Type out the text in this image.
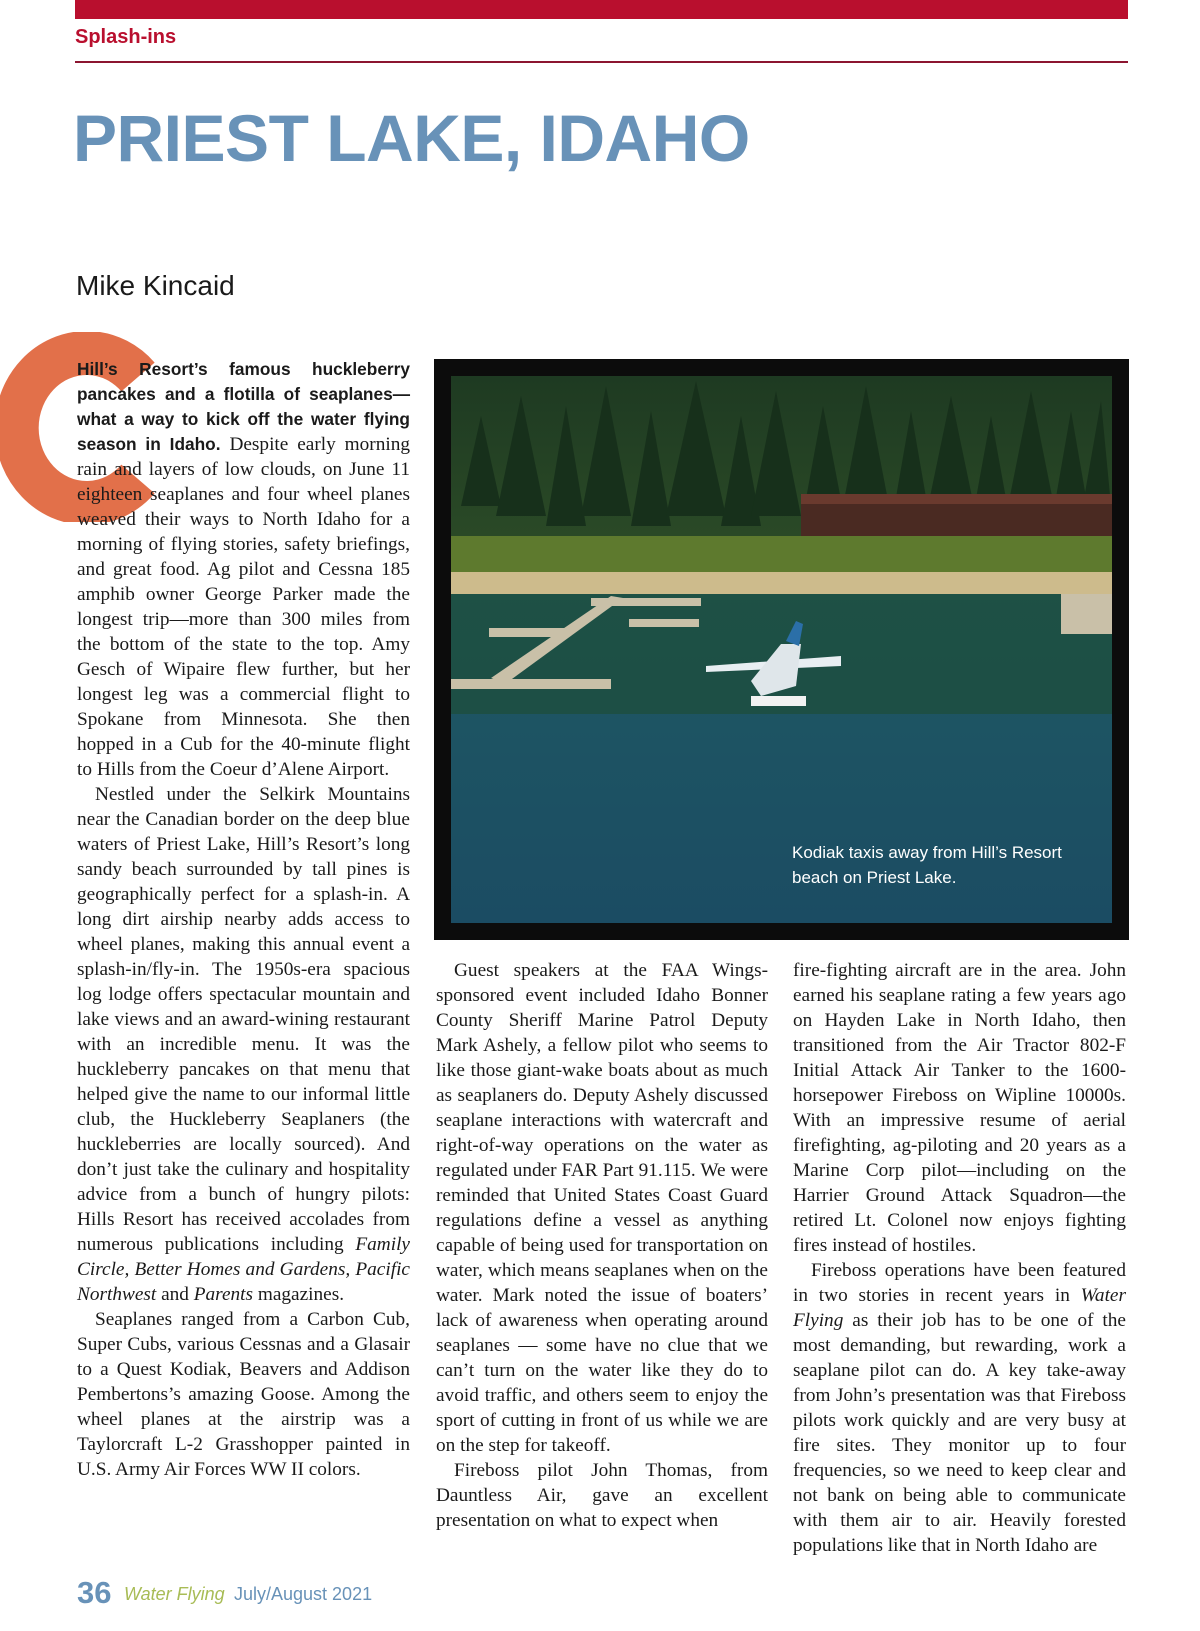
Splash-ins
PRIEST LAKE, IDAHO
Mike Kincaid

Hill’s Resort’s famous huckleberry pancakes and a flotilla of seaplanes—what a way to kick off the water flying season in Idaho. Despite early morning rain and layers of low clouds, on June 11 eighteen seaplanes and four wheel planes weaved their ways to North Idaho for a morning of flying stories, safety briefings, and great food. Ag pilot and Cessna 185 amphib owner George Parker made the longest trip—more than 300 miles from the bottom of the state to the top. Amy Gesch of Wipaire flew further, but her longest leg was a commercial flight to Spokane from Minnesota. She then hopped in a Cub for the 40-minute flight to Hills from the Coeur d’Alene Airport.

Nestled under the Selkirk Mountains near the Canadian border on the deep blue waters of Priest Lake, Hill’s Resort’s long sandy beach surrounded by tall pines is geographically perfect for a splash-in. A long dirt airship nearby adds access to wheel planes, making this annual event a splash-in/fly-in. The 1950s-era spacious log lodge offers spectacular mountain and lake views and an award-wining restaurant with an incredible menu. It was the huckleberry pancakes on that menu that helped give the name to our informal little club, the Huckleberry Seaplaners (the huckleberries are locally sourced). And don’t just take the culinary and hospitality advice from a bunch of hungry pilots: Hills Resort has received accolades from numerous publications including Family Circle, Better Homes and Gardens, Pacific Northwest and Parents magazines.

Seaplanes ranged from a Carbon Cub, Super Cubs, various Cessnas and a Glasair to a Quest Kodiak, Beavers and Addison Pembertons’s amazing Goose. Among the wheel planes at the airstrip was a Taylorcraft L-2 Grasshopper painted in U.S. Army Air Forces WW II colors.

Kodiak taxis away from Hill’s Resort beach on Priest Lake.

Guest speakers at the FAA Wings-sponsored event included Idaho Bonner County Sheriff Marine Patrol Deputy Mark Ashely, a fellow pilot who seems to like those giant-wake boats about as much as seaplaners do. Deputy Ashely discussed seaplane interactions with watercraft and right-of-way operations on the water as regulated under FAR Part 91.115. We were reminded that United States Coast Guard regulations define a vessel as anything capable of being used for transportation on water, which means seaplanes when on the water. Mark noted the issue of boaters’ lack of awareness when operating around seaplanes — some have no clue that we can’t turn on the water like they do to avoid traffic, and others seem to enjoy the sport of cutting in front of us while we are on the step for takeoff.

Fireboss pilot John Thomas, from Dauntless Air, gave an excellent presentation on what to expect when

fire-fighting aircraft are in the area. John earned his seaplane rating a few years ago on Hayden Lake in North Idaho, then transitioned from the Air Tractor 802-F Initial Attack Air Tanker to the 1600-horsepower Fireboss on Wipline 10000s. With an impressive resume of aerial firefighting, ag-piloting and 20 years as a Marine Corp pilot—including on the Harrier Ground Attack Squadron—the retired Lt. Colonel now enjoys fighting fires instead of hostiles.

Fireboss operations have been featured in two stories in recent years in Water Flying as their job has to be one of the most demanding, but rewarding, work a seaplane pilot can do. A key take-away from John’s presentation was that Fireboss pilots work quickly and are very busy at fire sites. They monitor up to four frequencies, so we need to keep clear and not bank on being able to communicate with them air to air. Heavily forested populations like that in North Idaho are

36 Water Flying July/August 2021
